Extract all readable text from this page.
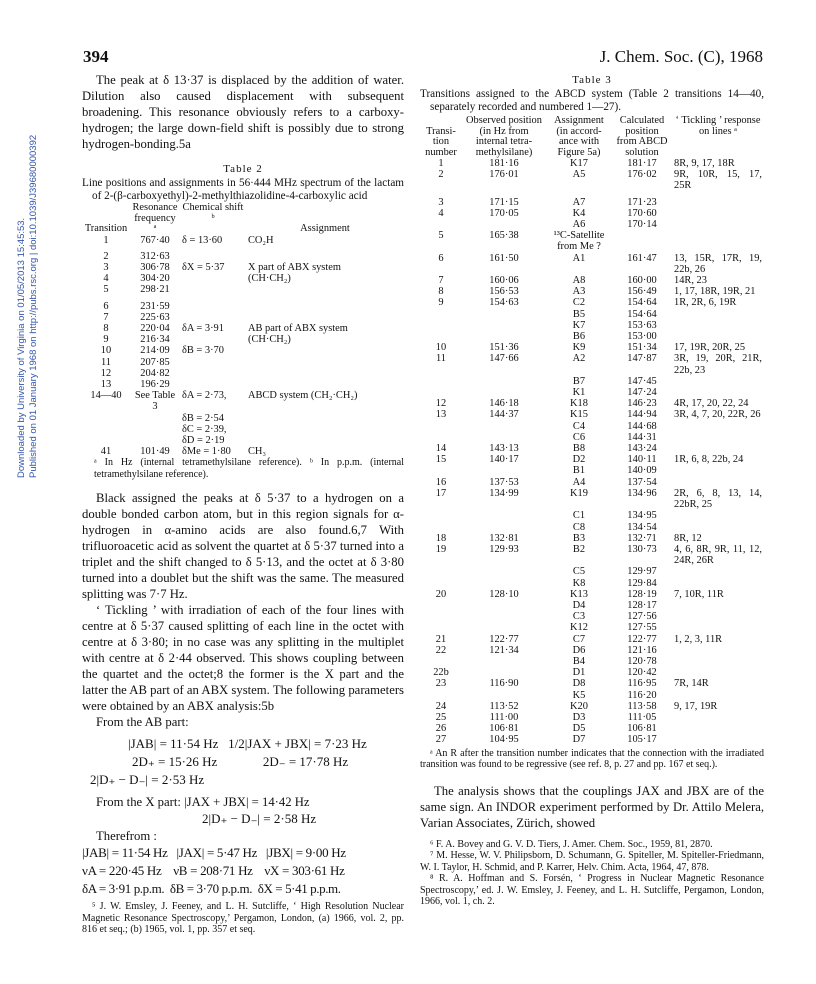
394	J. Chem. Soc. (C), 1968
Downloaded by University of Virginia on 01/05/2013 15:45:53. Published on 01 January 1968 on http://pubs.rsc.org | doi:10.1039/J39680000392

The peak at δ 13·37 is displaced by the addition of water. Dilution also caused displacement with subsequent broadening. This resonance obviously refers to a carboxy-hydrogen; the large down-field shift is possibly due to strong hydrogen-bonding.5a

Table 2

Line positions and assignments in 56·444 MHz spectrum of the lactam of 2-(β-carboxyethyl)-2-methylthiazolidine-4-carboxylic acid

Transition	Resonance frequency ᵃ	Chemical shift ᵇ	Assignment
1	767·40	δ = 13·60	CO₂H

2	312·63		
3	306·78	δX = 5·37	X part of ABX system
4	304·20		(CH·CH₂)
5	298·21		

6	231·59		
7	225·63		
8	220·04	δA = 3·91	AB part of ABX system
9	216·34		(CH·CH₂)
10	214·09	δB = 3·70	
11	207·85		
12	204·82		
13	196·29		
14—40	See Table 3	δA = 2·73,	ABCD system (CH₂·CH₂)
		δB = 2·54	
		δC = 2·39,	
		δD = 2·19	
41	101·49	δMe = 1·80	CH₃

ᵃ In Hz (internal tetramethylsilane reference). ᵇ In p.p.m. (internal tetramethylsilane reference).

Black assigned the peaks at δ 5·37 to a hydrogen on a double bonded carbon atom, but in this region signals for α-hydrogen in α-amino acids are also found.6,7 With trifluoroacetic acid as solvent the quartet at δ 5·37 turned into a triplet and the shift changed to δ 5·13, and the octet at δ 3·80 turned into a doublet but the shift was the same. The measured splitting was 7·7 Hz.

‘ Tickling ’ with irradiation of each of the four lines with centre at δ 5·37 caused splitting of each line in the octet with centre at δ 3·80; in no case was any splitting in the multiplet with centre at δ 2·44 observed. This shows coupling between the quartet and the octet;8 the former is the X part and the latter the AB part of an ABX system. The following parameters were obtained by an ABX analysis:5b

From the AB part:

|JAB| = 11·54 Hz   1/2|JAX + JBX| = 7·23 Hz
2D₊ = 15·26 Hz              2D₋ = 17·78 Hz
2|D₊ − D₋| = 2·53 Hz

From the X part: |JAX + JBX| = 14·42 Hz

2|D₊ − D₋| = 2·58 Hz

Therefrom :

|JAB| = 11·54 Hz   |JAX| = 5·47 Hz   |JBX| = 9·00 Hz
νA = 220·45 Hz    νB = 208·71 Hz    νX = 303·61 Hz
δA = 3·91 p.p.m.  δB = 3·70 p.p.m.  δX = 5·41 p.p.m.

⁵ J. W. Emsley, J. Feeney, and L. H. Sutcliffe, ‘ High Resolution Nuclear Magnetic Resonance Spectroscopy,’ Pergamon, London, (a) 1966, vol. 2, pp. 816 et seq.; (b) 1965, vol. 1, pp. 357 et seq.

Table 3

Transitions assigned to the ABCD system (Table 2 transitions 14—40, separately recorded and numbered 1—27).

Transi-tion number	Observed position (in Hz from internal tetra-methylsilane)	Assignment (in accord-ance with Figure 5a)	Calculated position from ABCD solution	‘ Tickling ’ response on lines ᵃ
1	181·16	K17	181·17	8R, 9, 17, 18R
2	176·01	A5	176·02	9R, 10R, 15, 17, 25R

3	171·15	A7	171·23	
4	170·05	K4	170·60	
		A6	170·14	
5	165·38	¹³C-Satellite from Me ?		
6	161·50	A1	161·47	13, 15R, 17R, 19, 22b, 26
7	160·06	A8	160·00	14R, 23
8	156·53	A3	156·49	1, 17, 18R, 19R, 21
9	154·63	C2	154·64	1R, 2R, 6, 19R
		B5	154·64	
		K7	153·63	
		B6	153·00	
10	151·36	K9	151·34	17, 19R, 20R, 25
11	147·66	A2	147·87	3R, 19, 20R, 21R, 22b, 23
		B7	147·45	
		K1	147·24	
12	146·18	K18	146·23	4R, 17, 20, 22, 24
13	144·37	K15	144·94	3R, 4, 7, 20, 22R, 26
		C4	144·68	
		C6	144·31	
14	143·13	B8	143·24	
15	140·17	D2	140·11	1R, 6, 8, 22b, 24
		B1	140·09	
16	137·53	A4	137·54	
17	134·99	K19	134·96	2R, 6, 8, 13, 14, 22bR, 25
		C1	134·95	
		C8	134·54	
18	132·81	B3	132·71	8R, 12
19	129·93	B2	130·73	4, 6, 8R, 9R, 11, 12, 24R, 26R
		C5	129·97	
		K8	129·84	
20	128·10	K13	128·19	7, 10R, 11R
		D4	128·17	
		C3	127·56	
		K12	127·55	
21	122·77	C7	122·77	1, 2, 3, 11R
22	121·34	D6	121·16	
		B4	120·78	
22b		D1	120·42	
23	116·90	D8	116·95	7R, 14R
		K5	116·20	
24	113·52	K20	113·58	9, 17, 19R
25	111·00	D3	111·05	
26	106·81	D5	106·81	
27	104·95	D7	105·17	

ᵃ An R after the transition number indicates that the connection with the irradiated transition was found to be regressive (see ref. 8, p. 27 and pp. 167 et seq.).

The analysis shows that the couplings JAX and JBX are of the same sign. An INDOR experiment performed by Dr. Attilo Melera, Varian Associates, Zürich, showed

⁶ F. A. Bovey and G. V. D. Tiers, J. Amer. Chem. Soc., 1959, 81, 2870.

⁷ M. Hesse, W. V. Philipsborn, D. Schumann, G. Spiteller, M. Spiteller-Friedmann, W. I. Taylor, H. Schmid, and P. Karrer, Helv. Chim. Acta, 1964, 47, 878.

⁸ R. A. Hoffman and S. Forsén, ‘ Progress in Nuclear Magnetic Resonance Spectroscopy,’ ed. J. W. Emsley, J. Feeney, and L. H. Sutcliffe, Pergamon, London, 1966, vol. 1, ch. 2.
